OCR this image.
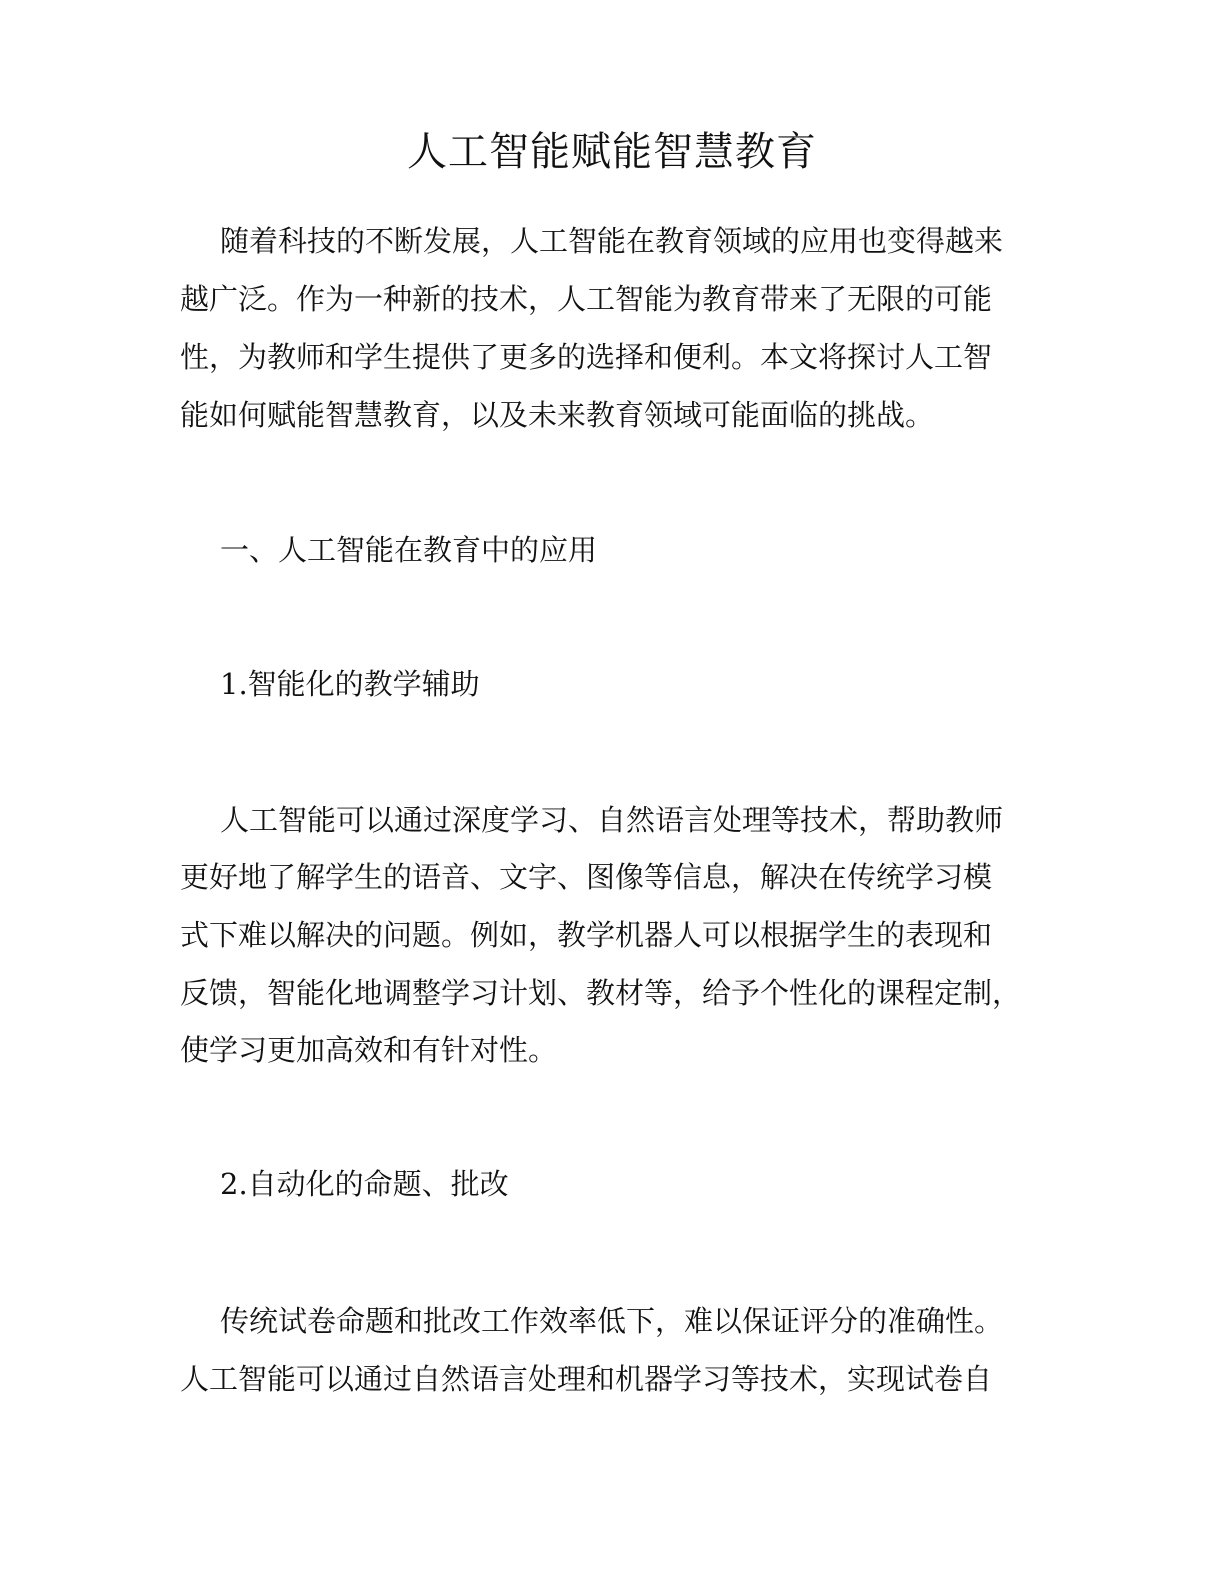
人工智能赋能智慧教育
随着科技的不断发展，人工智能在教育领域的应用也变得越来
越广泛。作为一种新的技术，人工智能为教育带来了无限的可能
性，为教师和学生提供了更多的选择和便利。本文将探讨人工智
能如何赋能智慧教育，以及未来教育领域可能面临的挑战。
一、人工智能在教育中的应用
1.智能化的教学辅助
人工智能可以通过深度学习、自然语言处理等技术，帮助教师
更好地了解学生的语音、文字、图像等信息，解决在传统学习模
式下难以解决的问题。例如，教学机器人可以根据学生的表现和
反馈，智能化地调整学习计划、教材等，给予个性化的课程定制，
使学习更加高效和有针对性。
2.自动化的命题、批改
传统试卷命题和批改工作效率低下，难以保证评分的准确性。
人工智能可以通过自然语言处理和机器学习等技术，实现试卷自
